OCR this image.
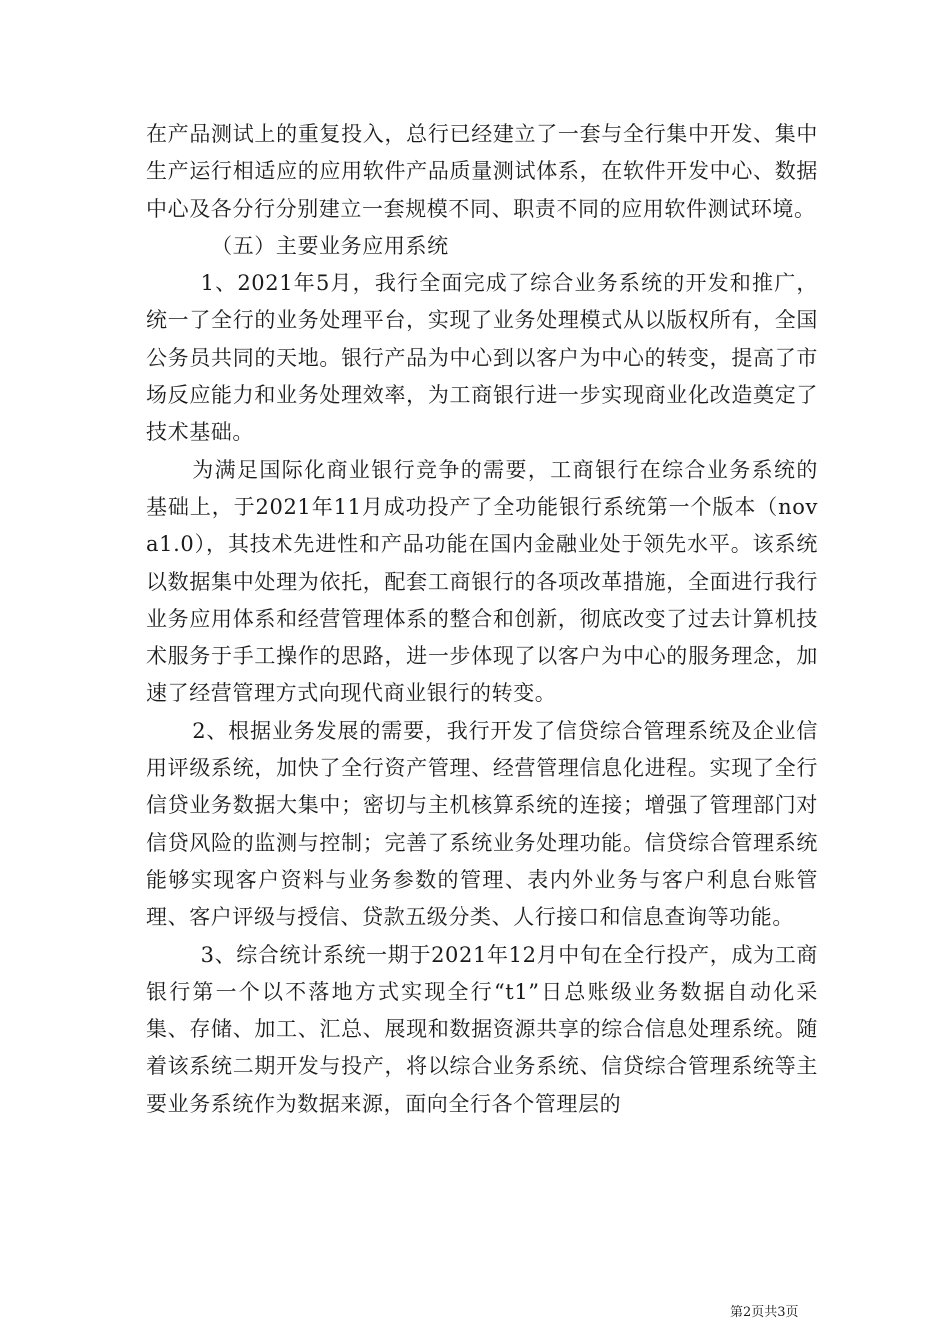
在产品测试上的重复投入，总行已经建立了一套与全行集中开发、集中生产运行相适应的应用软件产品质量测试体系，在软件开发中心、数据中心及各分行分别建立一套规模不同、职责不同的应用软件测试环境。

（五）主要业务应用系统

1、2021年5月，我行全面完成了综合业务系统的开发和推广，统一了全行的业务处理平台，实现了业务处理模式从以版权所有，全国公务员共同的天地。银行产品为中心到以客户为中心的转变，提高了市场反应能力和业务处理效率，为工商银行进一步实现商业化改造奠定了技术基础。

为满足国际化商业银行竞争的需要，工商银行在综合业务系统的基础上，于2021年11月成功投产了全功能银行系统第一个版本（nova1.0），其技术先进性和产品功能在国内金融业处于领先水平。该系统以数据集中处理为依托，配套工商银行的各项改革措施，全面进行我行业务应用体系和经营管理体系的整合和创新，彻底改变了过去计算机技术服务于手工操作的思路，进一步体现了以客户为中心的服务理念，加速了经营管理方式向现代商业银行的转变。

2、根据业务发展的需要，我行开发了信贷综合管理系统及企业信用评级系统，加快了全行资产管理、经营管理信息化进程。实现了全行信贷业务数据大集中；密切与主机核算系统的连接；增强了管理部门对信贷风险的监测与控制；完善了系统业务处理功能。信贷综合管理系统能够实现客户资料与业务参数的管理、表内外业务与客户利息台账管理、客户评级与授信、贷款五级分类、人行接口和信息查询等功能。

3、综合统计系统一期于2021年12月中旬在全行投产，成为工商银行第一个以不落地方式实现全行“t1”日总账级业务数据自动化采集、存储、加工、汇总、展现和数据资源共享的综合信息处理系统。随着该系统二期开发与投产，将以综合业务系统、信贷综合管理系统等主要业务系统作为数据来源，面向全行各个管理层的

第2页共3页
